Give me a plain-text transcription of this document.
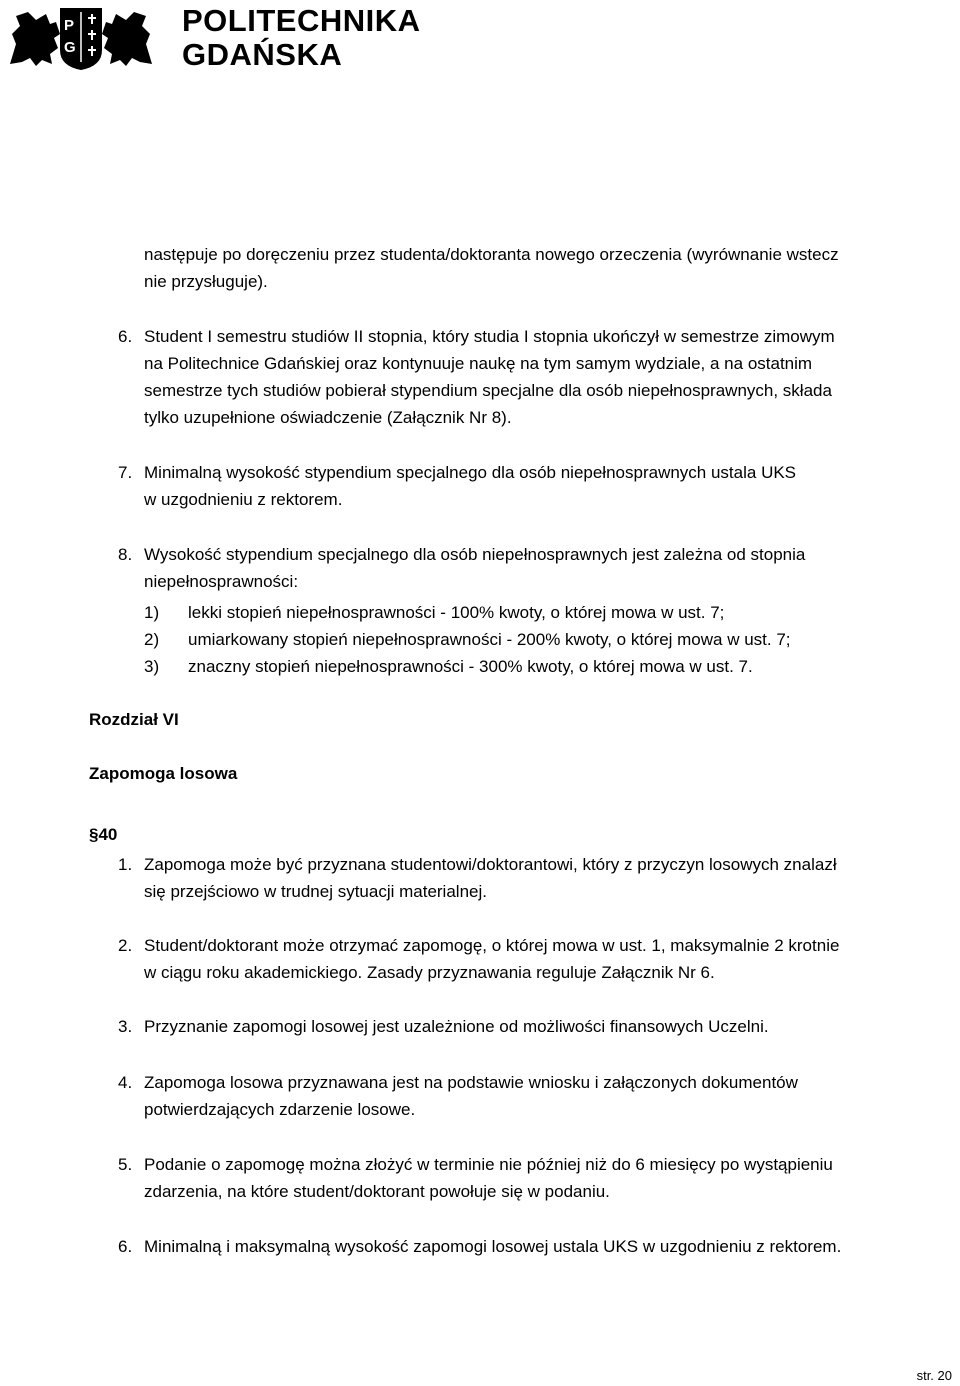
P
G
POLITECHNIKA
GDAŃSKA
następuje po doręczeniu przez studenta/doktoranta nowego orzeczenia (wyrównanie wstecz
nie przysługuje).
6. Student I semestru studiów II stopnia, który studia I stopnia ukończył w semestrze zimowym
na Politechnice Gdańskiej oraz kontynuuje naukę na tym samym wydziale, a na ostatnim
semestrze tych studiów pobierał stypendium specjalne dla osób niepełnosprawnych, składa
tylko uzupełnione oświadczenie (Załącznik Nr 8).
7. Minimalną wysokość stypendium specjalnego dla osób niepełnosprawnych ustala UKS
w uzgodnieniu z rektorem.
8. Wysokość stypendium specjalnego dla osób niepełnosprawnych jest zależna od stopnia
niepełnosprawności:
1) lekki stopień niepełnosprawności - 100% kwoty, o której mowa w ust. 7;
2) umiarkowany stopień niepełnosprawności - 200% kwoty, o której mowa w ust. 7;
3) znaczny stopień niepełnosprawności - 300% kwoty, o której mowa w ust. 7.
Rozdział VI
Zapomoga losowa
§40
1. Zapomoga może być przyznana studentowi/doktorantowi, który z przyczyn losowych znalazł
się przejściowo w trudnej sytuacji materialnej.
2. Student/doktorant może otrzymać zapomogę, o której mowa w ust. 1, maksymalnie 2 krotnie
w ciągu roku akademickiego. Zasady przyznawania reguluje Załącznik Nr 6.
3. Przyznanie zapomogi losowej jest uzależnione od możliwości finansowych Uczelni.
4. Zapomoga losowa przyznawana jest na podstawie wniosku i załączonych dokumentów
potwierdzających zdarzenie losowe.
5. Podanie o zapomogę można złożyć w terminie nie później niż do 6 miesięcy po wystąpieniu
zdarzenia, na które student/doktorant powołuje się w podaniu.
6. Minimalną i maksymalną wysokość zapomogi losowej ustala UKS w uzgodnieniu z rektorem.
str. 20
